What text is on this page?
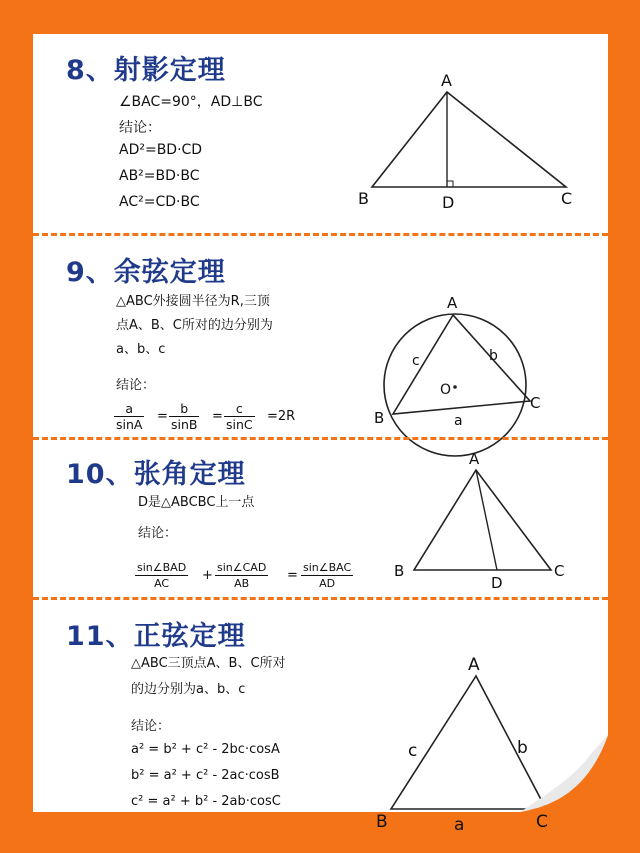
8、射影定理
∠BAC=90°，AD⊥BC
结论：
AD²=BD·CD
AB²=BD·BC
AC²=CD·BC
A
B	C
D
9、余弦定理
△ABC外接圆半径为R,三顶
点A、B、C所对的边分别为
a、b、c
结论：
$\frac{a}{\sin A} = \frac{b}{\sin B} = \frac{c}{\sin C} =2R$
A
B
C
O
a
b
c
10、张角定理
D是△ABCBC上一点
结论：
sin∠BAD
AC
+
sin∠CAD
AB
=
sin∠BAC
AD
A
B	C
D
11、正弦定理
△ABC三顶点A、B、C所对
的边分别为a、b、c
结论：
a² = b² + c² - 2bc·cosA
b² = a² + c² - 2ac·cosB
c² = a² + b² - 2ab·cosC
A
B	C
a
b
c
